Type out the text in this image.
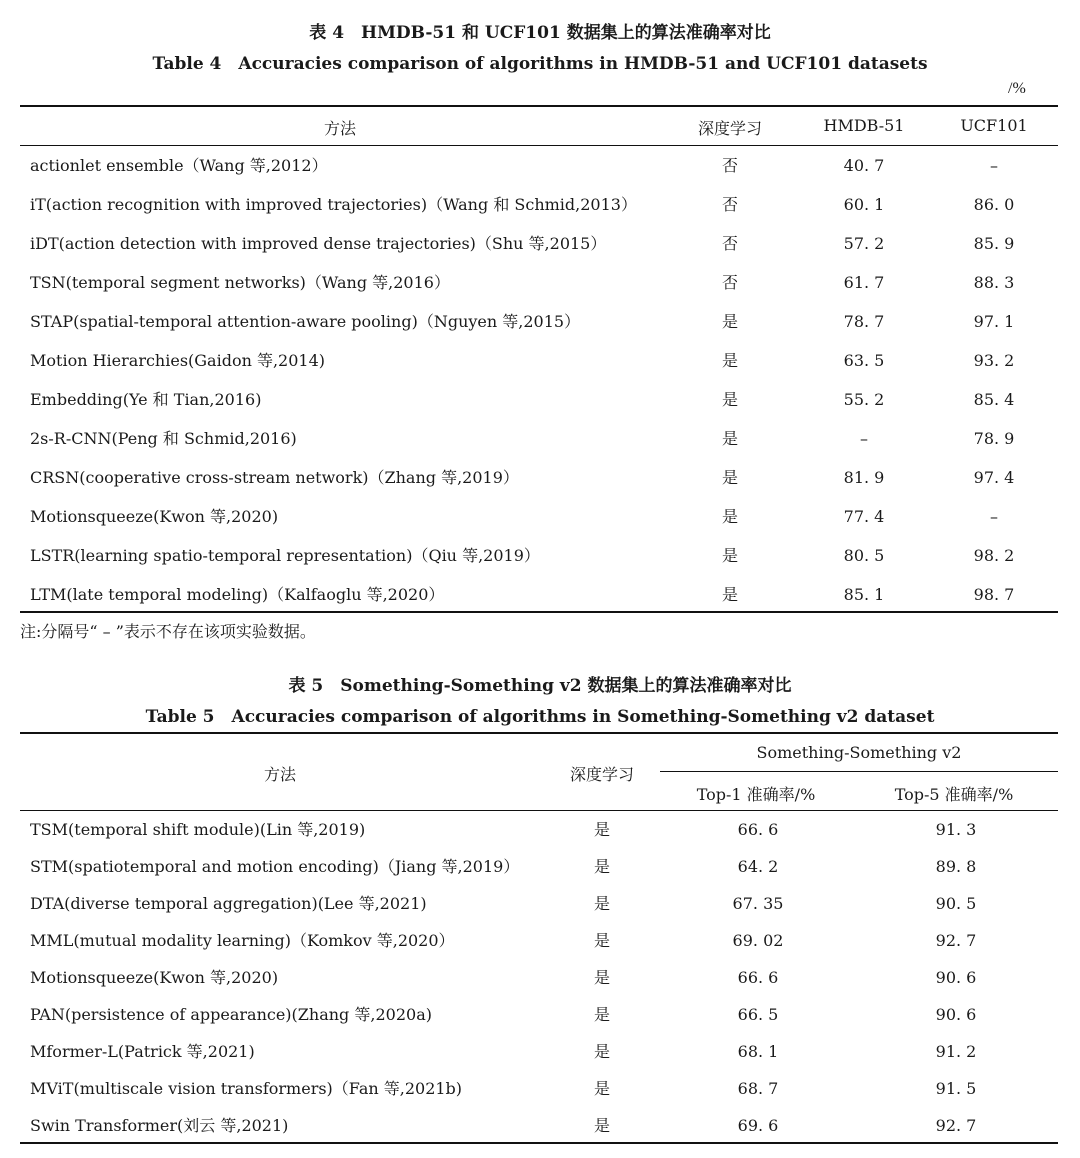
表 4　HMDB-51 和 UCF101 数据集上的算法准确率对比
Table 4　Accuracies comparison of algorithms in HMDB-51 and UCF101 datasets
/%
方法	深度学习	HMDB-51	UCF101
actionlet ensemble（Wang 等,2012）	否	40. 7	–
iT(action recognition with improved trajectories)（Wang 和 Schmid,2013）	否	60. 1	86. 0
iDT(action detection with improved dense trajectories)（Shu 等,2015）	否	57. 2	85. 9
TSN(temporal segment networks)（Wang 等,2016）	否	61. 7	88. 3
STAP(spatial-temporal attention-aware pooling)（Nguyen 等,2015）	是	78. 7	97. 1
Motion Hierarchies(Gaidon 等,2014)	是	63. 5	93. 2
Embedding(Ye 和 Tian,2016)	是	55. 2	85. 4
2s-R-CNN(Peng 和 Schmid,2016)	是	–	78. 9
CRSN(cooperative cross-stream network)（Zhang 等,2019）	是	81. 9	97. 4
Motionsqueeze(Kwon 等,2020)	是	77. 4	–
LSTR(learning spatio-temporal representation)（Qiu 等,2019）	是	80. 5	98. 2
LTM(late temporal modeling)（Kalfaoglu 等,2020）	是	85. 1	98. 7
注:分隔号“ – ”表示不存在该项实验数据。
表 5　Something-Something v2 数据集上的算法准确率对比
Table 5　Accuracies comparison of algorithms in Something-Something v2 dataset
方法	深度学习
Something-Something v2
Top-1 准确率/%	Top-5 准确率/%
TSM(temporal shift module)(Lin 等,2019)	是	66. 6	91. 3
STM(spatiotemporal and motion encoding)（Jiang 等,2019）	是	64. 2	89. 8
DTA(diverse temporal aggregation)(Lee 等,2021)	是	67. 35	90. 5
MML(mutual modality learning)（Komkov 等,2020）	是	69. 02	92. 7
Motionsqueeze(Kwon 等,2020)	是	66. 6	90. 6
PAN(persistence of appearance)(Zhang 等,2020a)	是	66. 5	90. 6
Mformer-L(Patrick 等,2021)	是	68. 1	91. 2
MViT(multiscale vision transformers)（Fan 等,2021b)	是	68. 7	91. 5
Swin Transformer(刘云 等,2021)	是	69. 6	92. 7
